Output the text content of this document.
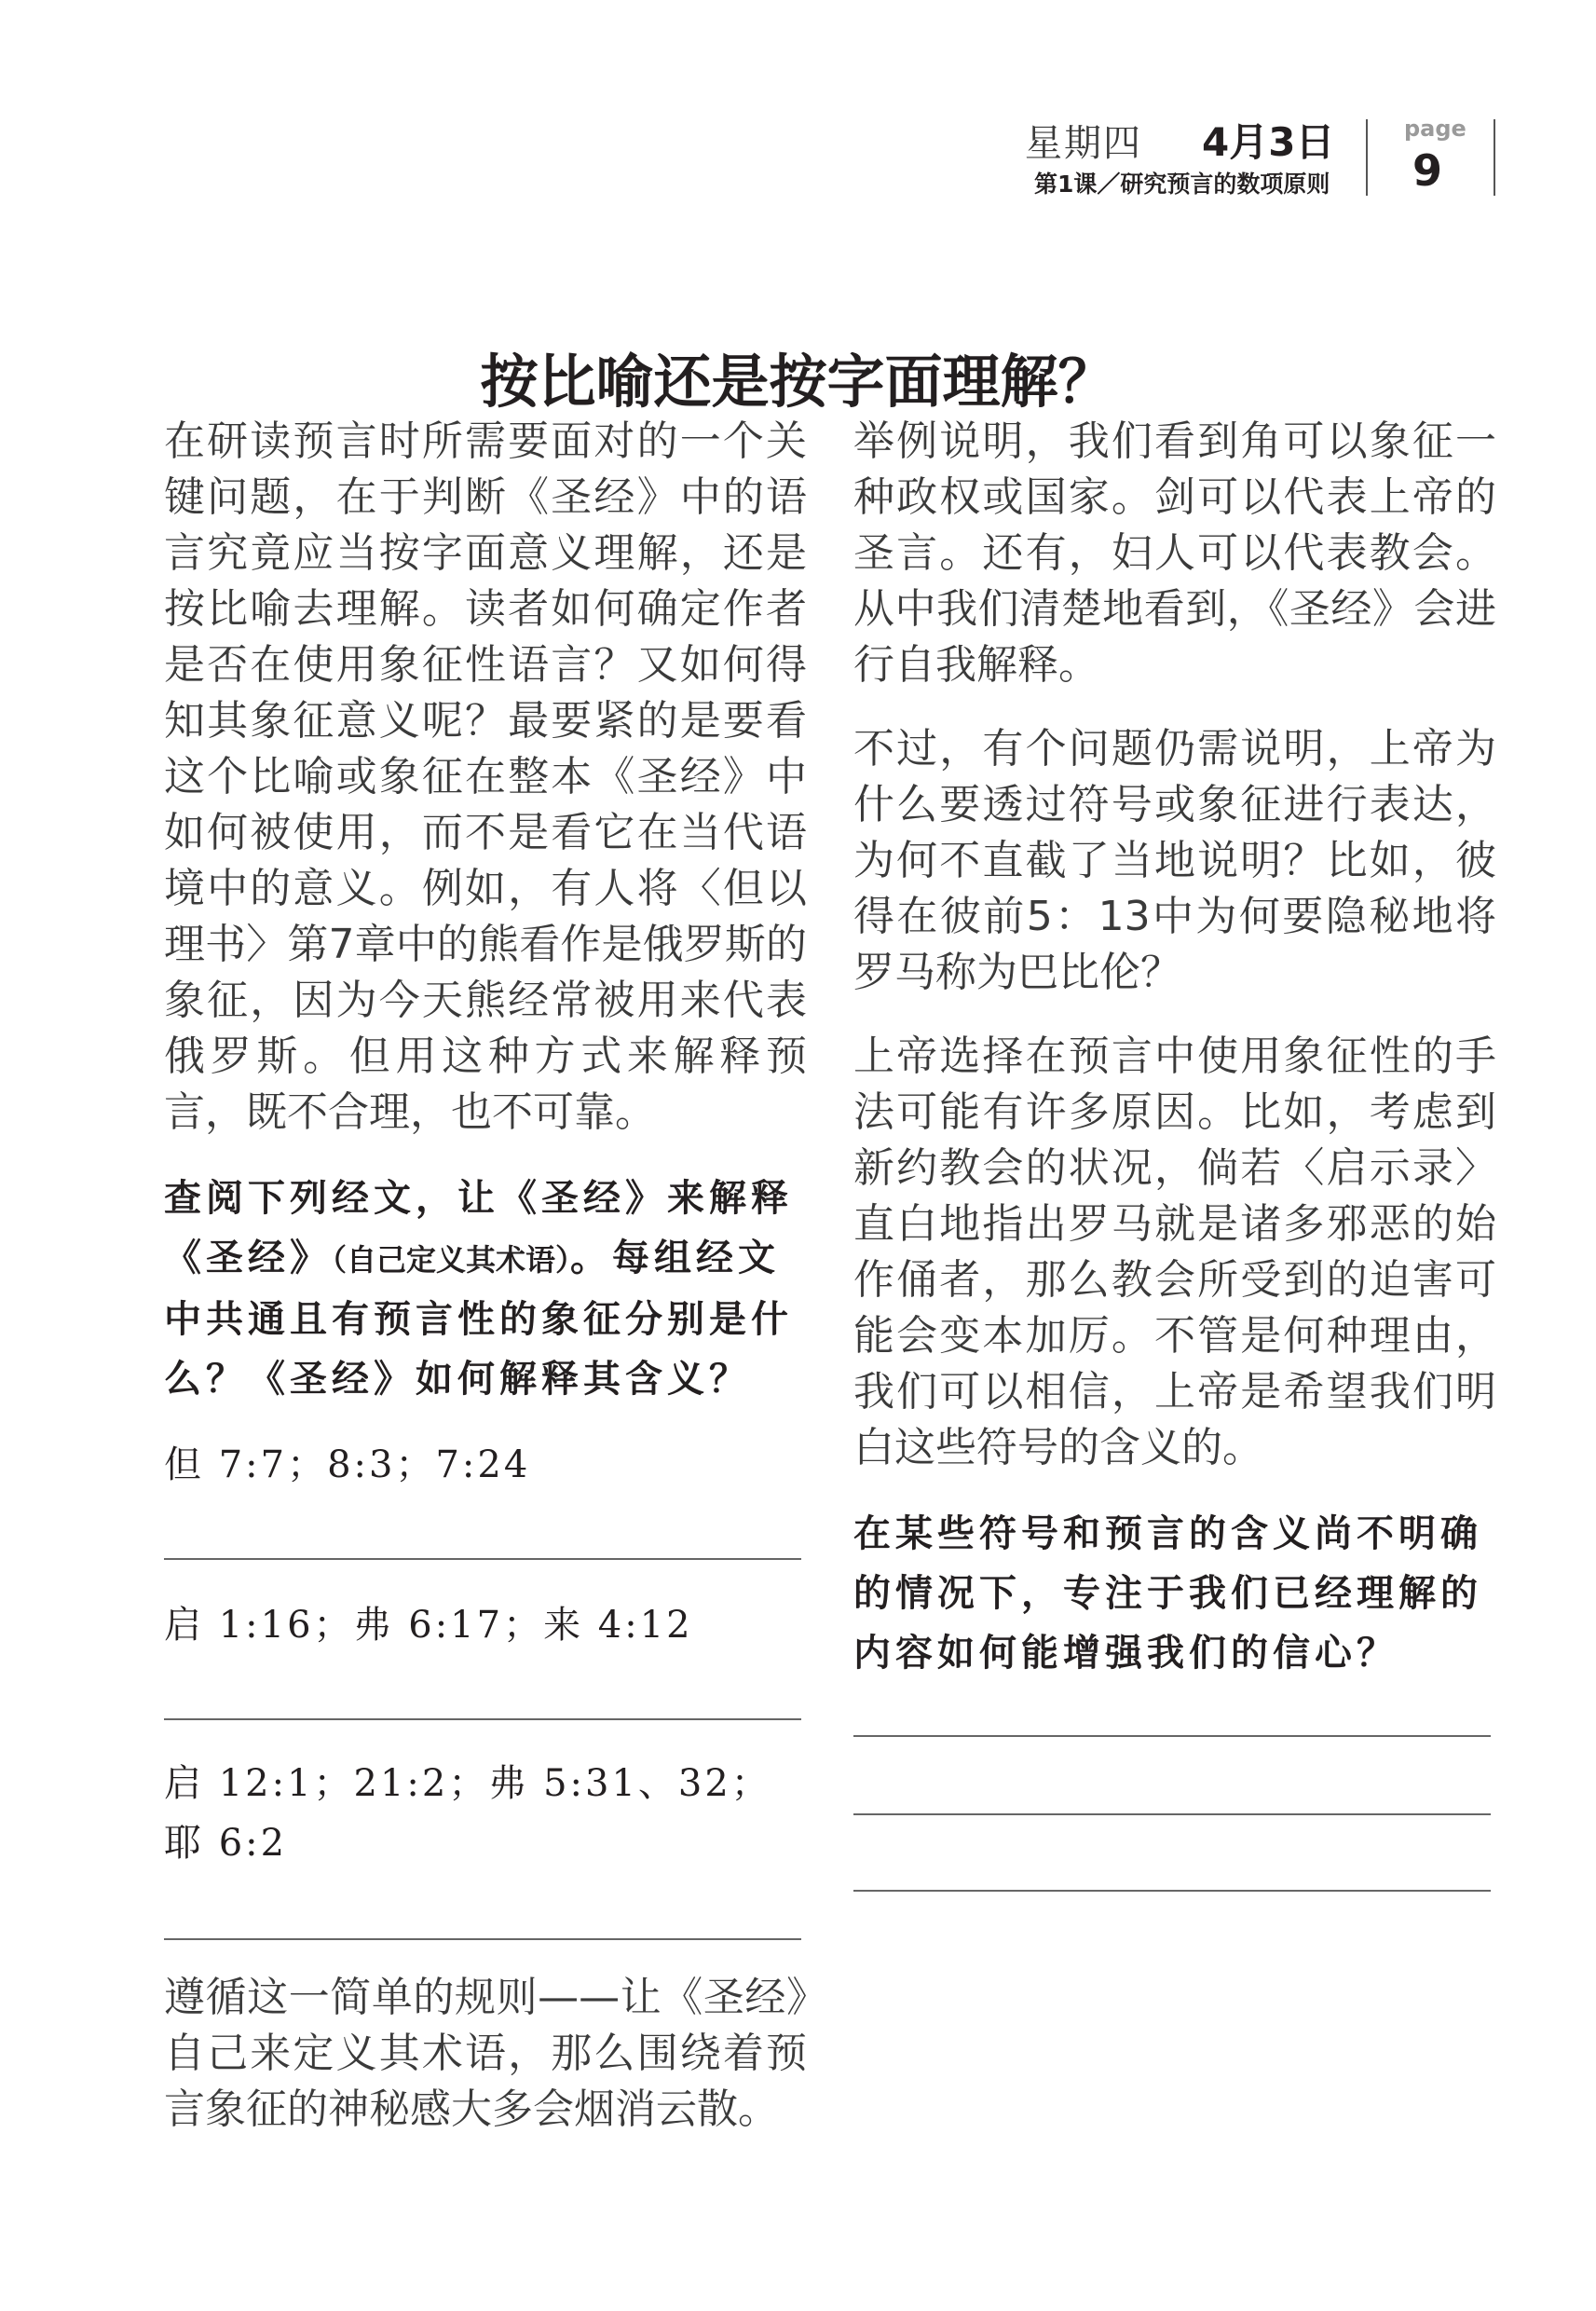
星期四 4月3日
第1课／研究预言的数项原则
page
9
按比喻还是按字面理解？

在研读预言时所需要面对的一个关键问题，在于判断《圣经》中的语言究竟应当按字面意义理解，还是按比喻去理解。读者如何确定作者是否在使用象征性语言？又如何得知其象征意义呢？最要紧的是要看这个比喻或象征在整本《圣经》中如何被使用，而不是看它在当代语境中的意义。例如，有人将〈但以理书〉第7章中的熊看作是俄罗斯的象征，因为今天熊经常被用来代表俄罗斯。但用这种方式来解释预言，既不合理，也不可靠。

查阅下列经文，让《圣经》来解释《圣经》（自己定义其术语）。每组经文中共通且有预言性的象征分别是什么？《圣经》如何解释其含义？

但 7:7；8:3；7:24
启 1:16；弗 6:17；来 4:12
启 12:1；21:2；弗 5:31、32；耶 6:2

遵循这一简单的规则——让《圣经》自己来定义其术语，那么围绕着预言象征的神秘感大多会烟消云散。

举例说明，我们看到角可以象征一种政权或国家。剑可以代表上帝的圣言。还有，妇人可以代表教会。从中我们清楚地看到，《圣经》会进行自我解释。

不过，有个问题仍需说明，上帝为什么要透过符号或象征进行表达，为何不直截了当地说明？比如，彼得在彼前5：13中为何要隐秘地将罗马称为巴比伦？

上帝选择在预言中使用象征性的手法可能有许多原因。比如，考虑到新约教会的状况，倘若〈启示录〉直白地指出罗马就是诸多邪恶的始作俑者，那么教会所受到的迫害可能会变本加厉。不管是何种理由，我们可以相信，上帝是希望我们明白这些符号的含义的。

在某些符号和预言的含义尚不明确的情况下，专注于我们已经理解的内容如何能增强我们的信心？
